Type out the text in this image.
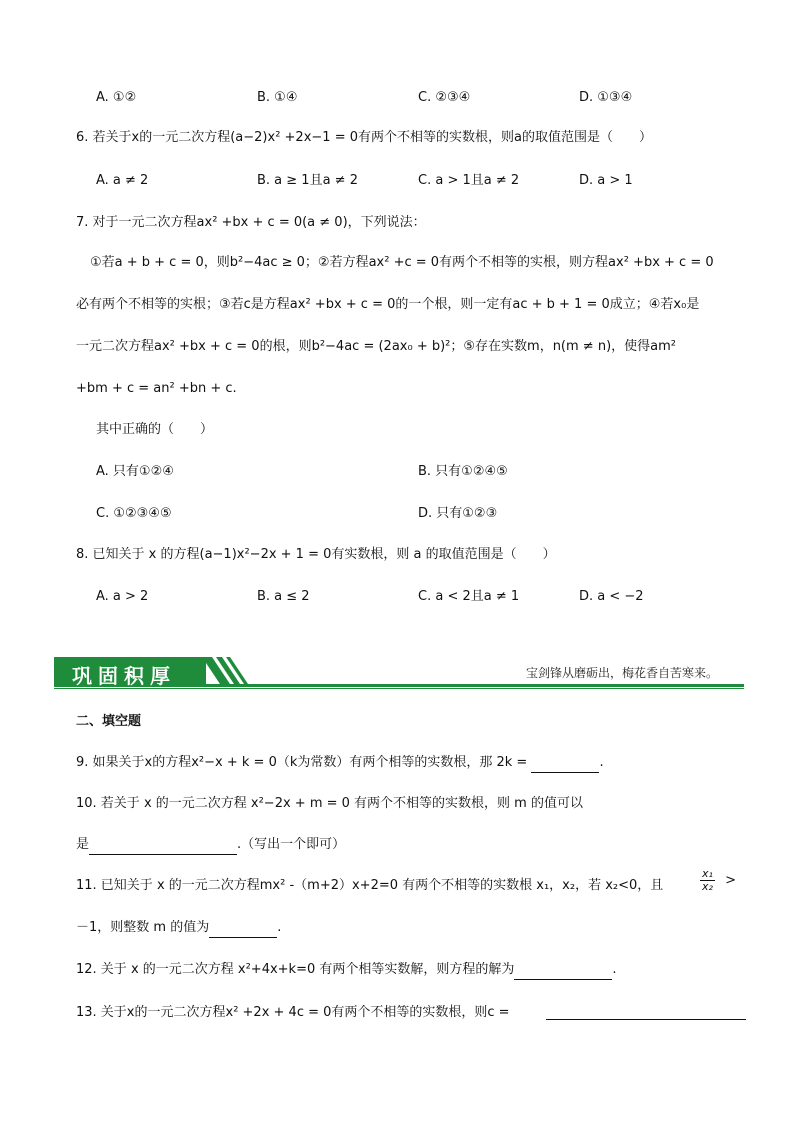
A. ①②	B. ①④	C. ②③④	D. ①③④
6. 若关于x的一元二次方程(a−2)x² +2x−1 = 0有两个不相等的实数根，则a的取值范围是（　　）
A. a ≠ 2	B. a ≥ 1且a ≠ 2	C. a > 1且a ≠ 2	D. a > 1
7. 对于一元二次方程ax² +bx + c = 0(a ≠ 0)，下列说法：
①若a + b + c = 0，则b²−4ac ≥ 0；②若方程ax² +c = 0有两个不相等的实根，则方程ax² +bx + c = 0
必有两个不相等的实根；③若c是方程ax² +bx + c = 0的一个根，则一定有ac + b + 1 = 0成立；④若x₀是
一元二次方程ax² +bx + c = 0的根，则b²−4ac = (2ax₀ + b)²；⑤存在实数m，n(m ≠ n)，使得am²
+bm + c = an² +bn + c.
其中正确的（　　）
A. 只有①②④	B. 只有①②④⑤
C. ①②③④⑤	D. 只有①②③
8. 已知关于 x 的方程(a−1)x²−2x + 1 = 0有实数根，则 a 的取值范围是（　　）
A. a > 2	B. a ≤ 2	C. a < 2且a ≠ 1	D. a < −2
巩固积厚	宝剑锋从磨砺出，梅花香自苦寒来。
二、填空题
9. 如果关于x的方程x²−x + k = 0（k为常数）有两个相等的实数根，那 2k =	.
10. 若关于 x 的一元二次方程 x²−2x + m = 0 有两个不相等的实数根，则 m 的值可以
是	.（写出一个即可）
11. 已知关于 x 的一元二次方程mx² -（m+2）x+2=0 有两个不相等的实数根 x₁，x₂，若 x₂<0，且	$\frac{\text{x₁}}{\text{x₂}}$ >
－1，则整数 m 的值为	.
12. 关于 x 的一元二次方程 x²+4x+k=0 有两个相等实数解，则方程的解为	.
13. 关于x的一元二次方程x² +2x + 4c = 0有两个不相等的实数根，则c =
